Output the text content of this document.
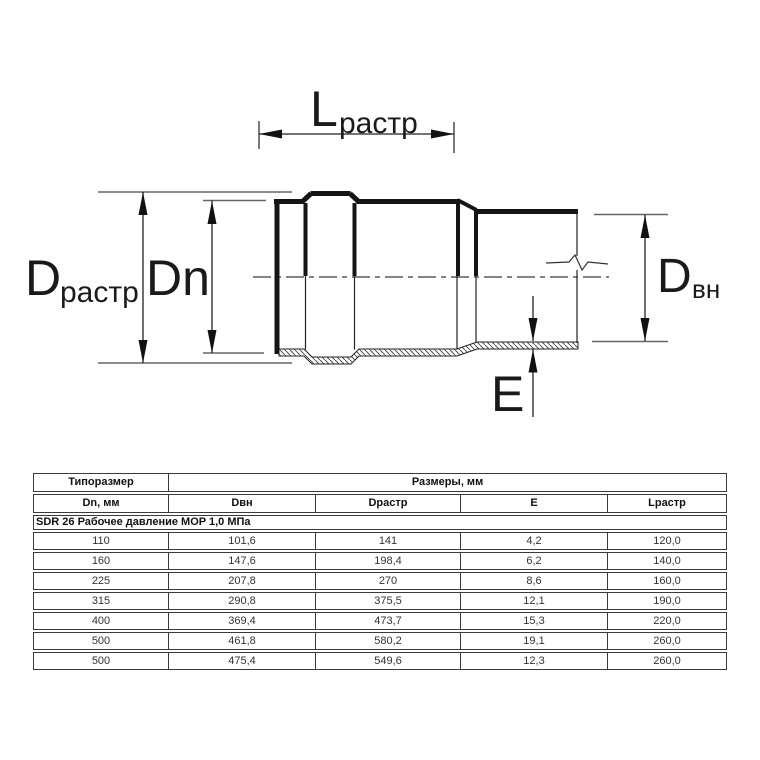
L растр
D
растр Dn	D вн
E
Типоразмер	Размеры, мм			
Dn, мм	Dвн	Dрастр	E	Lрастр
SDR 26 Рабочее давление MOP 1,0 МПа				
110	101,6	141	4,2	120,0
160	147,6	198,4	6,2	140,0
225	207,8	270	8,6	160,0
315	290,8	375,5	12,1	190,0
400	369,4	473,7	15,3	220,0
500	461,8	580,2	19,1	260,0
500	475,4	549,6	12,3	260,0
